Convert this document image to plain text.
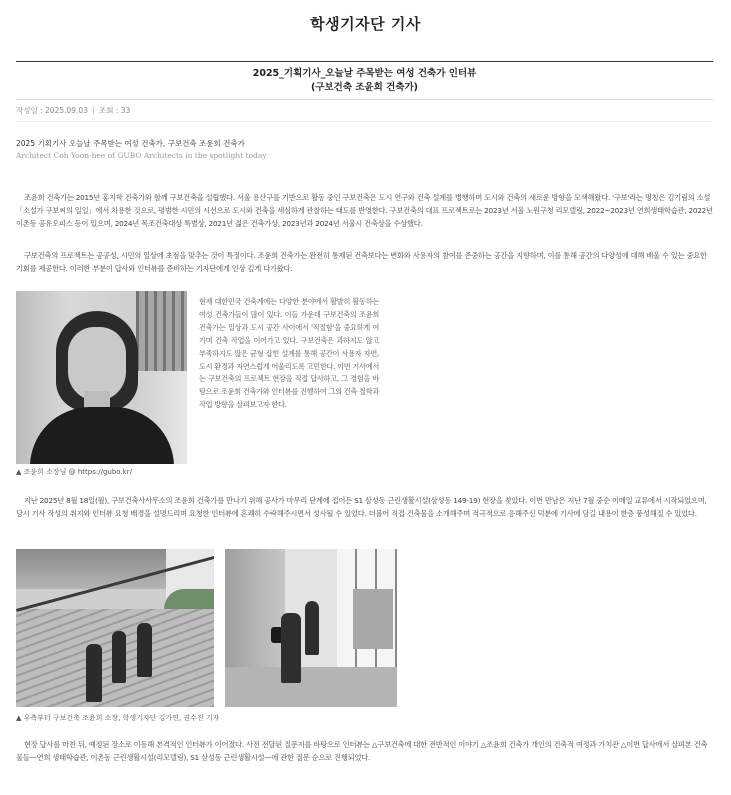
학생기자단 기사
2025_기획기사_오늘날 주목받는 여성 건축가 인터뷰
(구보건축 조윤희 건축가)
작성일 : 2025.09.03 조회 : 33
2025 기획기사 오늘날 주목받는 여성 건축가, 구보건축 조윤희 건축가
Architect Coh Yoon-hee of GUBO Architects in the spotlight today

조윤희 건축가는 2015년 홍지학 건축가와 함께 구보건축을 설립했다. 서울 용산구를 기반으로 활동 중인 구보건축은 도시 연구와 건축 설계를 병행하며 도시와 건축의 새로운 방향을 모색해왔다. '구보'라는 명칭은 김기림의 소설 「소설가 구보씨의 일일」에서 차용한 것으로, 평범한 시민의 시선으로 도시와 건축을 세심하게 관찰하는 태도를 반영한다. 구보건축의 대표 프로젝트로는 2023년 서울 노원구청 리모델링, 2022~2023년 연희생태학습관, 2022년 이촌동 공유오피스 등이 있으며, 2024년 목조건축대상 특별상, 2021년 젊은 건축가상, 2023년과 2024년 서울시 건축상을 수상했다.

구보건축의 프로젝트는 공공성, 시민의 일상에 초점을 맞추는 것이 특징이다. 조윤희 건축가는 완전히 통제된 건축보다는 변화와 사용자의 참여를 존중하는 공간을 지향하며, 이를 통해 공간의 다양성에 대해 배울 수 있는 중요한 기회를 제공한다. 이러한 부분이 답사와 인터뷰를 준비하는 기자단에게 인상 깊게 다가왔다.

현재 대한민국 건축계에는 다양한 분야에서 활발히 활동하는 여성 건축가들이 많이 있다. 이들 가운데 구보건축의 조윤희 건축가는 일상과 도시 공간 사이에서 '적절함'을 중요하게 여기며 건축 작업을 이어가고 있다. 구보건축은 과하지도 않고 부족하지도 않은 균형 잡힌 설계를 통해 공간이 사용자 자연, 도시 환경과 자연스럽게 어울리도록 고민한다. 이번 기사에서는 구보건축의 프로젝트 현장을 직접 답사하고, 그 경험을 바탕으로 조윤희 건축가와 인터뷰를 진행하여 그의 건축 철학과 작업 방향을 살펴보고자 한다.

▲ 조윤희 소장님 @ https://gubo.kr/

지난 2025년 8월 18일(월), 구보건축사사무소의 조윤희 건축가를 만나기 위해 공사가 마무리 단계에 접어든 S1 삼성동 근린생활시설(삼성동 149-19) 현장을 찾았다. 이번 만남은 지난 7월 중순 이메일 교류에서 시작되었으며, 당시 기사 작성의 취지와 인터뷰 요청 배경을 설명드리며 요청한 인터뷰에 흔쾌히 수락해주시면서 성사될 수 있었다. 더불어 직접 건축물을 소개해주며 적극적으로 응해주신 덕분에 기사에 담길 내용이 한층 풍성해질 수 있었다.

▲ 우측부터 구보건축 조윤희 소장, 학생기자단 김가연, 권수진 기자

현장 답사를 마친 뒤, 예정된 장소로 이동해 본격적인 인터뷰가 이어졌다. 사전 전달된 질문지를 바탕으로 인터뷰는 △구보건축에 대한 전반적인 이야기 △조윤희 건축가 개인의 건축적 여정과 가치관 △이번 답사에서 살펴본 건축물들—연희 생태학습관, 이촌동 근린생활시설(리모델링), S1 삼성동 근린생활시설—에 관한 질문 순으로 진행되었다.
